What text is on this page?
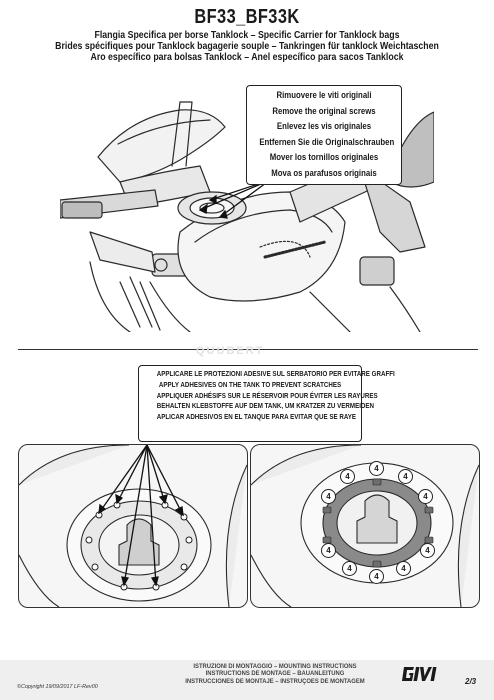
BF33_BF33K
Flangia Specifica per borse Tanklock – Specific Carrier for Tanklock bags
Brides spécifiques pour Tanklock bagagerie souple – Tankringen für tanklock Weichtaschen
Aro específico para bolsas Tanklock – Anel específico para sacos Tanklock
Rimuovere le viti originali
Remove the original screws
Enlevez les vis originales
Entfernen Sie die Originalschrauben
Mover los tornillos originales
Mova os parafusos originais
QUUBERT
APPLICARE LE PROTEZIONI ADESIVE SUL SERBATORIO PER EVITARE GRAFFI
APPLY ADHESIVES ON THE TANK TO PREVENT SCRATCHES
APPLIQUER ADHÉSIFS SUR LE RÉSERVOIR POUR ÉVITER LES RAYURES
BEHALTEN KLEBSTOFFE AUF DEM TANK, UM KRATZER ZU VERMEIDEN
APLICAR ADHESIVOS EN EL TANQUE PARA EVITAR QUE SE RAYE
4
4	4
4	4
4	4
4	4
4
©Copyright 19/09/2017 LF-Rev00
ISTRUZIONI DI MONTAGGIO – MOUNTING INSTRUCTIONS
INSTRUCTIONS DE MONTAGE – BAUANLEITUNG
INSTRUCCIONES DE MONTAJE – INSTRUÇÕES DE MONTAGEM	2/3
